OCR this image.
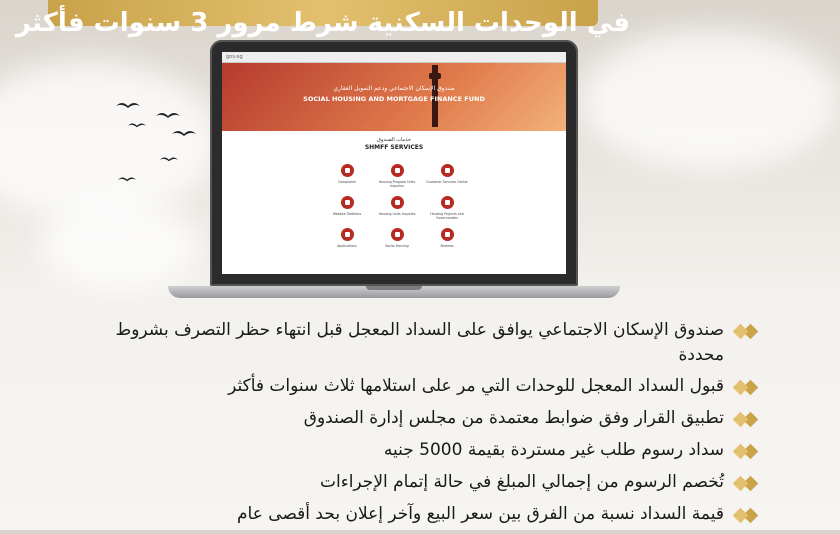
في الوحدات السكنية شرط مرور 3 سنوات فأكثر
gov.eg
صندوق الإسكان الاجتماعي ودعم التمويل العقاري
SOCIAL HOUSING AND MORTGAGE FINANCE FUND
خدمات الصندوق
SHMFF SERVICES
Complaints	Housing Program Units Inquiries
Customer Services Center
Website Statistics	Housing Units Inquiries	Housing Projects and Governorates
Applications	Social Housing	Reviews
صندوق الإسكان الاجتماعي يوافق على السداد المعجل قبل انتهاء حظر التصرف بشروط محددة
قبول السداد المعجل للوحدات التي مر على استلامها ثلاث سنوات فأكثر
تطبيق القرار وفق ضوابط معتمدة من مجلس إدارة الصندوق
سداد رسوم طلب غير مستردة بقيمة 5000 جنيه
تُخصم الرسوم من إجمالي المبلغ في حالة إتمام الإجراءات
قيمة السداد نسبة من الفرق بين سعر البيع وآخر إعلان بحد أقصى عام
